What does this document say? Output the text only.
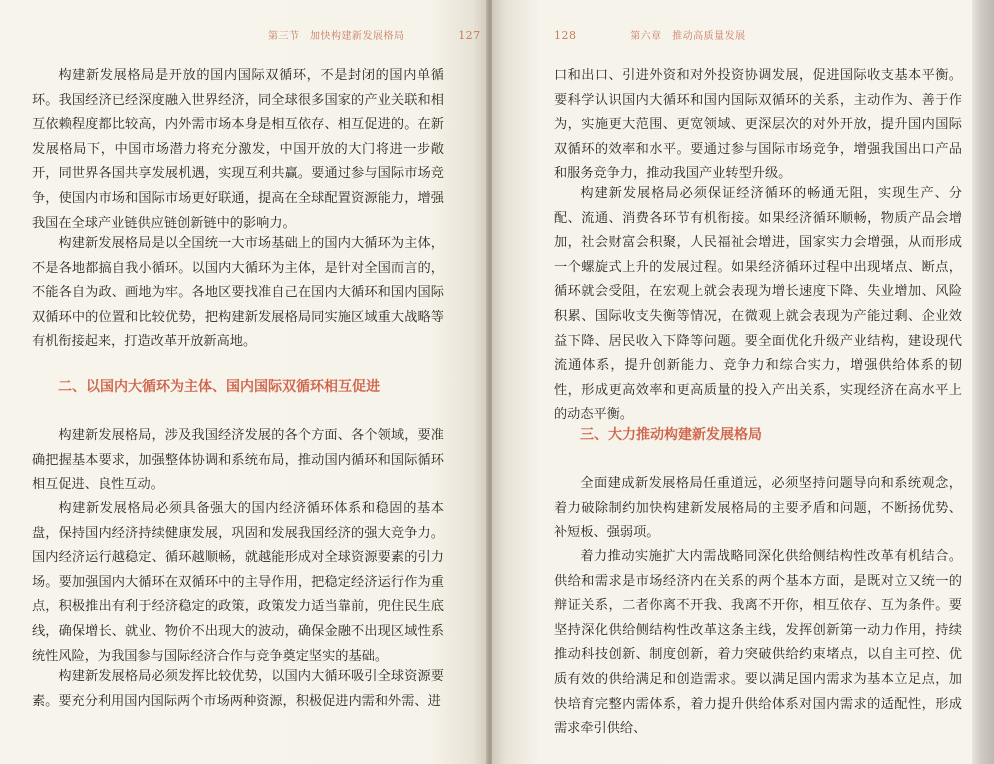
第三节　加快构建新发展格局	127

构建新发展格局是开放的国内国际双循环，不是封闭的国内单循环。我国经济已经深度融入世界经济，同全球很多国家的产业关联和相互依赖程度都比较高，内外需市场本身是相互依存、相互促进的。在新发展格局下，中国市场潜力将充分激发，中国开放的大门将进一步敞开，同世界各国共享发展机遇，实现互利共赢。要通过参与国际市场竞争，使国内市场和国际市场更好联通，提高在全球配置资源能力，增强我国在全球产业链供应链创新链中的影响力。

构建新发展格局是以全国统一大市场基础上的国内大循环为主体，不是各地都搞自我小循环。以国内大循环为主体，是针对全国而言的，不能各自为政、画地为牢。各地区要找准自己在国内大循环和国内国际双循环中的位置和比较优势，把构建新发展格局同实施区域重大战略等有机衔接起来，打造改革开放新高地。

二、以国内大循环为主体、国内国际双循环相互促进

构建新发展格局，涉及我国经济发展的各个方面、各个领域，要准确把握基本要求，加强整体协调和系统布局，推动国内循环和国际循环相互促进、良性互动。

构建新发展格局必须具备强大的国内经济循环体系和稳固的基本盘，保持国内经济持续健康发展，巩固和发展我国经济的强大竞争力。国内经济运行越稳定、循环越顺畅，就越能形成对全球资源要素的引力场。要加强国内大循环在双循环中的主导作用，把稳定经济运行作为重点，积极推出有利于经济稳定的政策，政策发力适当靠前，兜住民生底线，确保增长、就业、物价不出现大的波动，确保金融不出现区域性系统性风险，为我国参与国际经济合作与竞争奠定坚实的基础。

构建新发展格局必须发挥比较优势，以国内大循环吸引全球资源要素。要充分利用国内国际两个市场两种资源，积极促进内需和外需、进

128	第六章　推动高质量发展

口和出口、引进外资和对外投资协调发展，促进国际收支基本平衡。要科学认识国内大循环和国内国际双循环的关系，主动作为、善于作为，实施更大范围、更宽领域、更深层次的对外开放，提升国内国际双循环的效率和水平。要通过参与国际市场竞争，增强我国出口产品和服务竞争力，推动我国产业转型升级。

构建新发展格局必须保证经济循环的畅通无阻，实现生产、分配、流通、消费各环节有机衔接。如果经济循环顺畅，物质产品会增加，社会财富会积聚，人民福祉会增进，国家实力会增强，从而形成一个螺旋式上升的发展过程。如果经济循环过程中出现堵点、断点，循环就会受阻，在宏观上就会表现为增长速度下降、失业增加、风险积累、国际收支失衡等情况，在微观上就会表现为产能过剩、企业效益下降、居民收入下降等问题。要全面优化升级产业结构，建设现代流通体系，提升创新能力、竞争力和综合实力，增强供给体系的韧性，形成更高效率和更高质量的投入产出关系，实现经济在高水平上的动态平衡。

三、大力推动构建新发展格局

全面建成新发展格局任重道远，必须坚持问题导向和系统观念，着力破除制约加快构建新发展格局的主要矛盾和问题，不断扬优势、补短板、强弱项。

着力推动实施扩大内需战略同深化供给侧结构性改革有机结合。供给和需求是市场经济内在关系的两个基本方面，是既对立又统一的辩证关系，二者你离不开我、我离不开你，相互依存、互为条件。要坚持深化供给侧结构性改革这条主线，发挥创新第一动力作用，持续推动科技创新、制度创新，着力突破供给约束堵点，以自主可控、优质有效的供给满足和创造需求。要以满足国内需求为基本立足点，加快培育完整内需体系，着力提升供给体系对国内需求的适配性，形成需求牵引供给、
